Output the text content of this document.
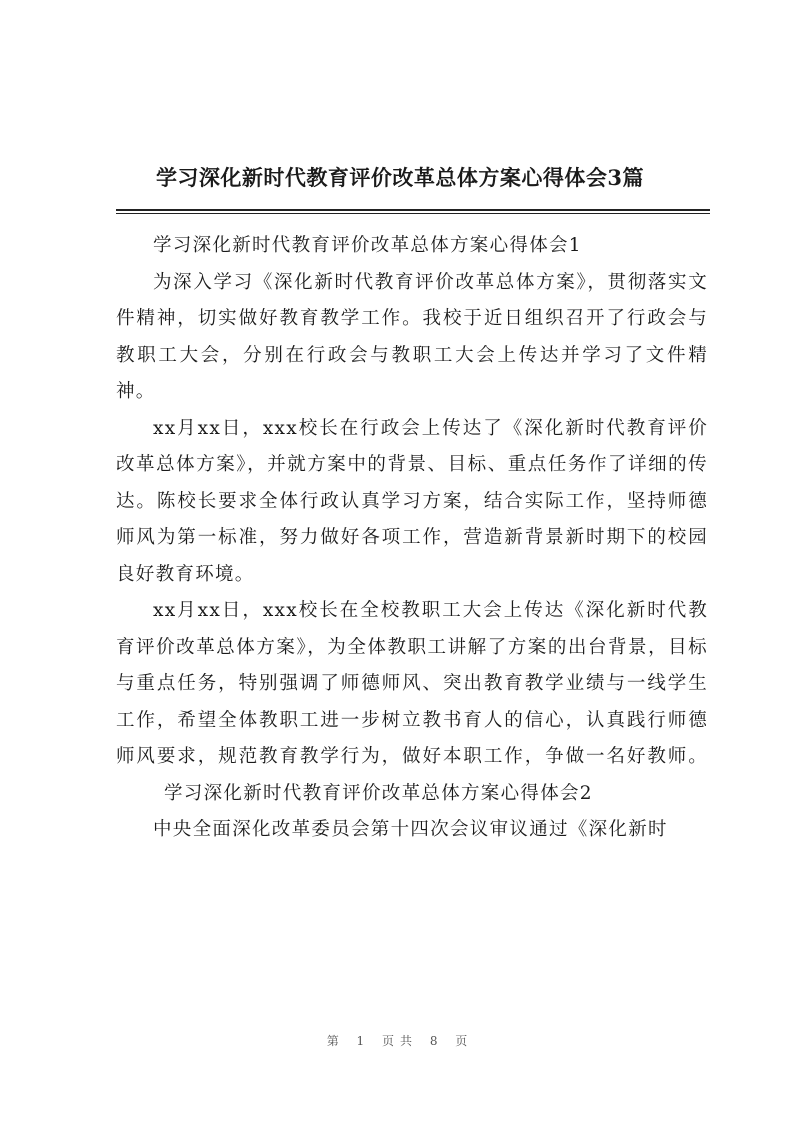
学习深化新时代教育评价改革总体方案心得体会3篇

学习深化新时代教育评价改革总体方案心得体会1

为深入学习《深化新时代教育评价改革总体方案》，贯彻落实文件精神，切实做好教育教学工作。我校于近日组织召开了行政会与教职工大会，分别在行政会与教职工大会上传达并学习了文件精神。

xx月xx日，xxx校长在行政会上传达了《深化新时代教育评价改革总体方案》，并就方案中的背景、目标、重点任务作了详细的传达。陈校长要求全体行政认真学习方案，结合实际工作，坚持师德师风为第一标准，努力做好各项工作，营造新背景新时期下的校园良好教育环境。

xx月xx日，xxx校长在全校教职工大会上传达《深化新时代教育评价改革总体方案》，为全体教职工讲解了方案的出台背景，目标与重点任务，特别强调了师德师风、突出教育教学业绩与一线学生工作，希望全体教职工进一步树立教书育人的信心，认真践行师德师风要求，规范教育教学行为，做好本职工作，争做一名好教师。学习深化新时代教育评价改革总体方案心得体会2

中央全面深化改革委员会第十四次会议审议通过《深化新时

第 1 页共 8 页
